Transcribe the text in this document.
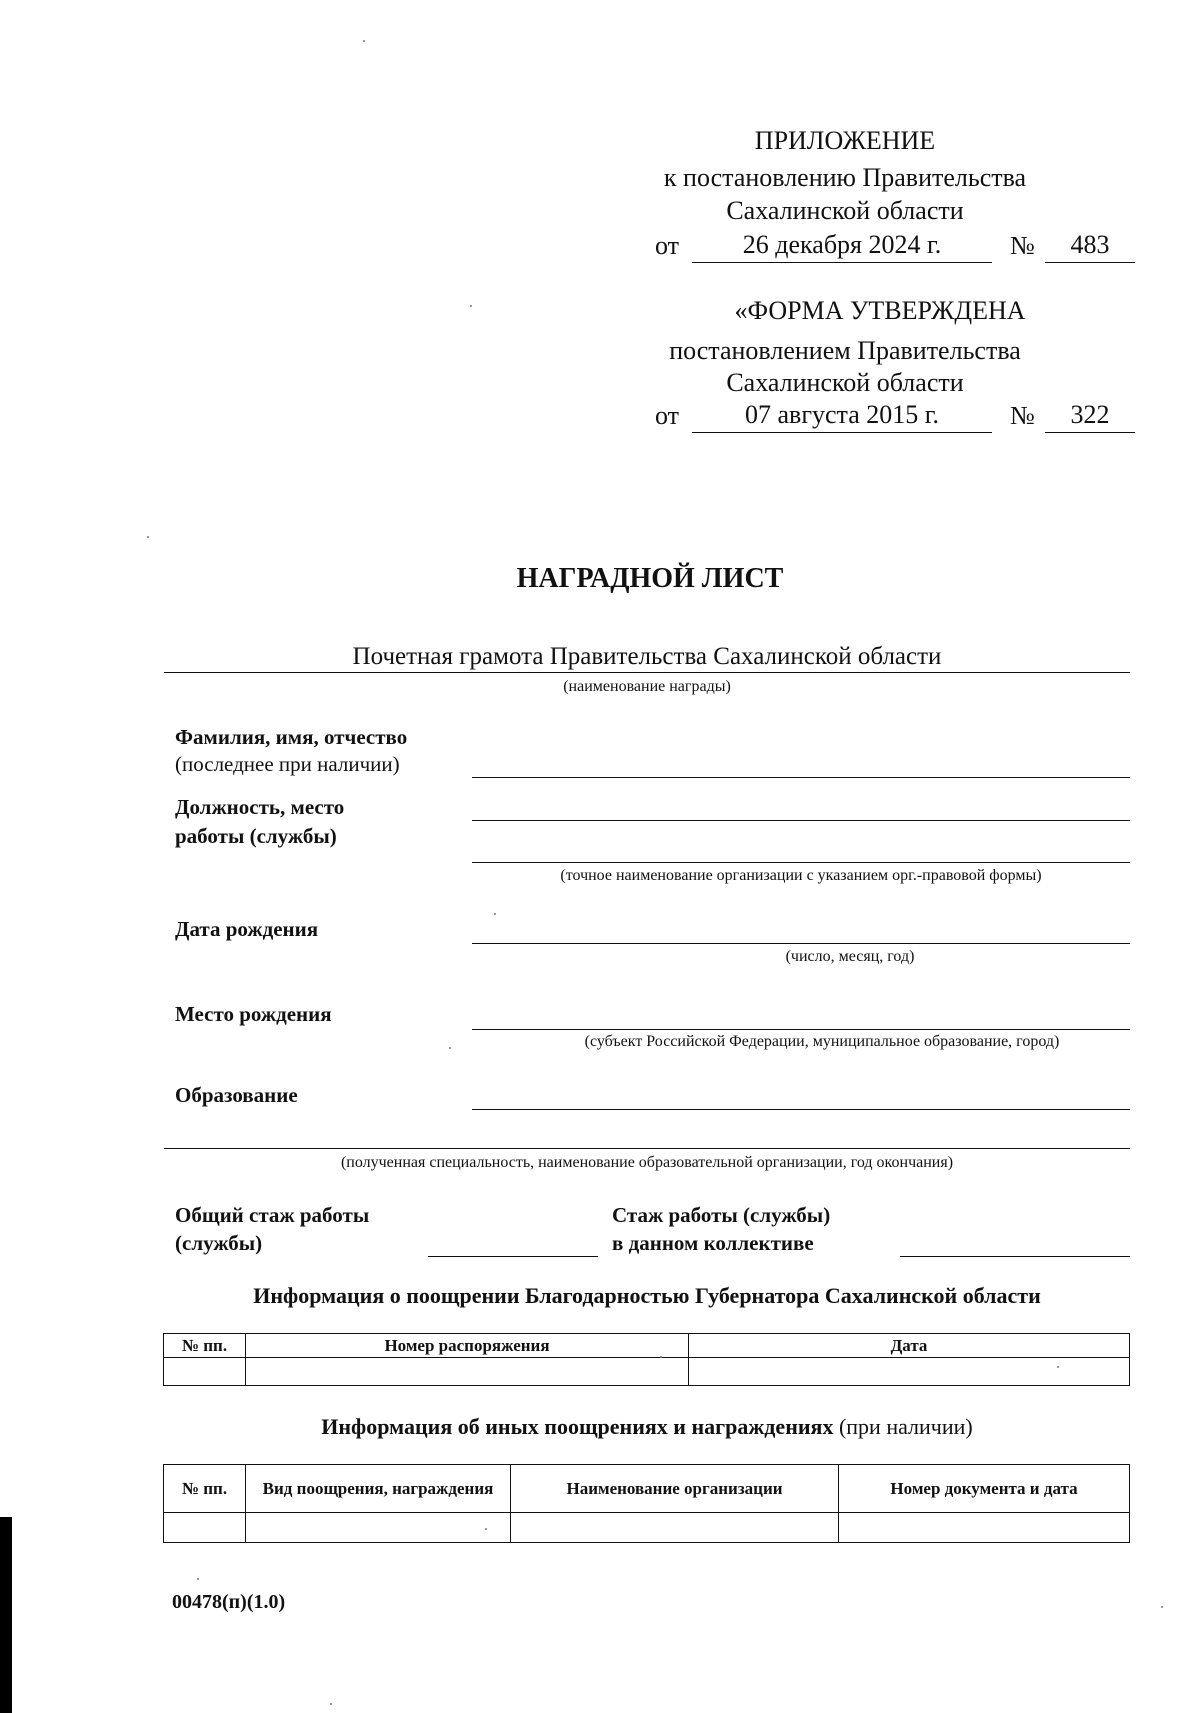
ПРИЛОЖЕНИЕ
к постановлению Правительства
Сахалинской области
от	26 декабря 2024 г.	№	483
«ФОРМА УТВЕРЖДЕНА
постановлением Правительства
Сахалинской области
от	07 августа 2015 г.	№	322
НАГРАДНОЙ ЛИСТ
Почетная грамота Правительства Сахалинской области
(наименование награды)
Фамилия, имя, отчество
(последнее при наличии)
Должность, место
работы (службы)
(точное наименование организации с указанием орг.-правовой формы)
Дата рождения
(число, месяц, год)
Место рождения
(субъект Российской Федерации, муниципальное образование, город)
Образование
(полученная специальность, наименование образовательной организации, год окончания)
Общий стаж работы
(службы)
Стаж работы (службы)
в данном коллективе
Информация о поощрении Благодарностью Губернатора Сахалинской области
№ пп.	Номер распоряжения	Дата

Информация об иных поощрениях и награждениях (при наличии)
№ пп.	Вид поощрения, награждения	Наименование организации	Номер документа и дата

00478(п)(1.0)
